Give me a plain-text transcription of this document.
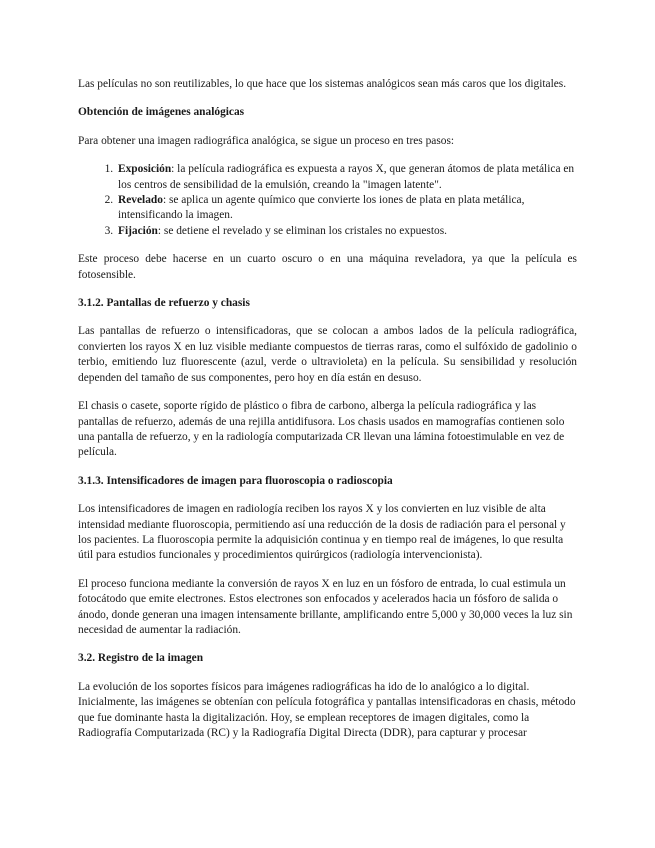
Las películas no son reutilizables, lo que hace que los sistemas analógicos sean más caros que los digitales.

Obtención de imágenes analógicas

Para obtener una imagen radiográfica analógica, se sigue un proceso en tres pasos:

1. Exposición: la película radiográfica es expuesta a rayos X, que generan átomos de plata metálica en los centros de sensibilidad de la emulsión, creando la "imagen latente".
2. Revelado: se aplica un agente químico que convierte los iones de plata en plata metálica, intensificando la imagen.
3. Fijación: se detiene el revelado y se eliminan los cristales no expuestos.

Este proceso debe hacerse en un cuarto oscuro o en una máquina reveladora, ya que la película es fotosensible.

3.1.2. Pantallas de refuerzo y chasis

Las pantallas de refuerzo o intensificadoras, que se colocan a ambos lados de la película radiográfica, convierten los rayos X en luz visible mediante compuestos de tierras raras, como el sulfóxido de gadolinio o terbio, emitiendo luz fluorescente (azul, verde o ultravioleta) en la película. Su sensibilidad y resolución dependen del tamaño de sus componentes, pero hoy en día están en desuso.

El chasis o casete, soporte rígido de plástico o fibra de carbono, alberga la película radiográfica y las pantallas de refuerzo, además de una rejilla antidifusora. Los chasis usados en mamografías contienen solo una pantalla de refuerzo, y en la radiología computarizada CR llevan una lámina fotoestimulable en vez de película.

3.1.3. Intensificadores de imagen para fluoroscopia o radioscopia

Los intensificadores de imagen en radiología reciben los rayos X y los convierten en luz visible de alta intensidad mediante fluoroscopia, permitiendo así una reducción de la dosis de radiación para el personal y los pacientes. La fluoroscopia permite la adquisición continua y en tiempo real de imágenes, lo que resulta útil para estudios funcionales y procedimientos quirúrgicos (radiología intervencionista).

El proceso funciona mediante la conversión de rayos X en luz en un fósforo de entrada, lo cual estimula un fotocátodo que emite electrones. Estos electrones son enfocados y acelerados hacia un fósforo de salida o ánodo, donde generan una imagen intensamente brillante, amplificando entre 5,000 y 30,000 veces la luz sin necesidad de aumentar la radiación.

3.2. Registro de la imagen

La evolución de los soportes físicos para imágenes radiográficas ha ido de lo analógico a lo digital. Inicialmente, las imágenes se obtenían con película fotográfica y pantallas intensificadoras en chasis, método que fue dominante hasta la digitalización. Hoy, se emplean receptores de imagen digitales, como la Radiografía Computarizada (RC) y la Radiografía Digital Directa (DDR), para capturar y procesar
